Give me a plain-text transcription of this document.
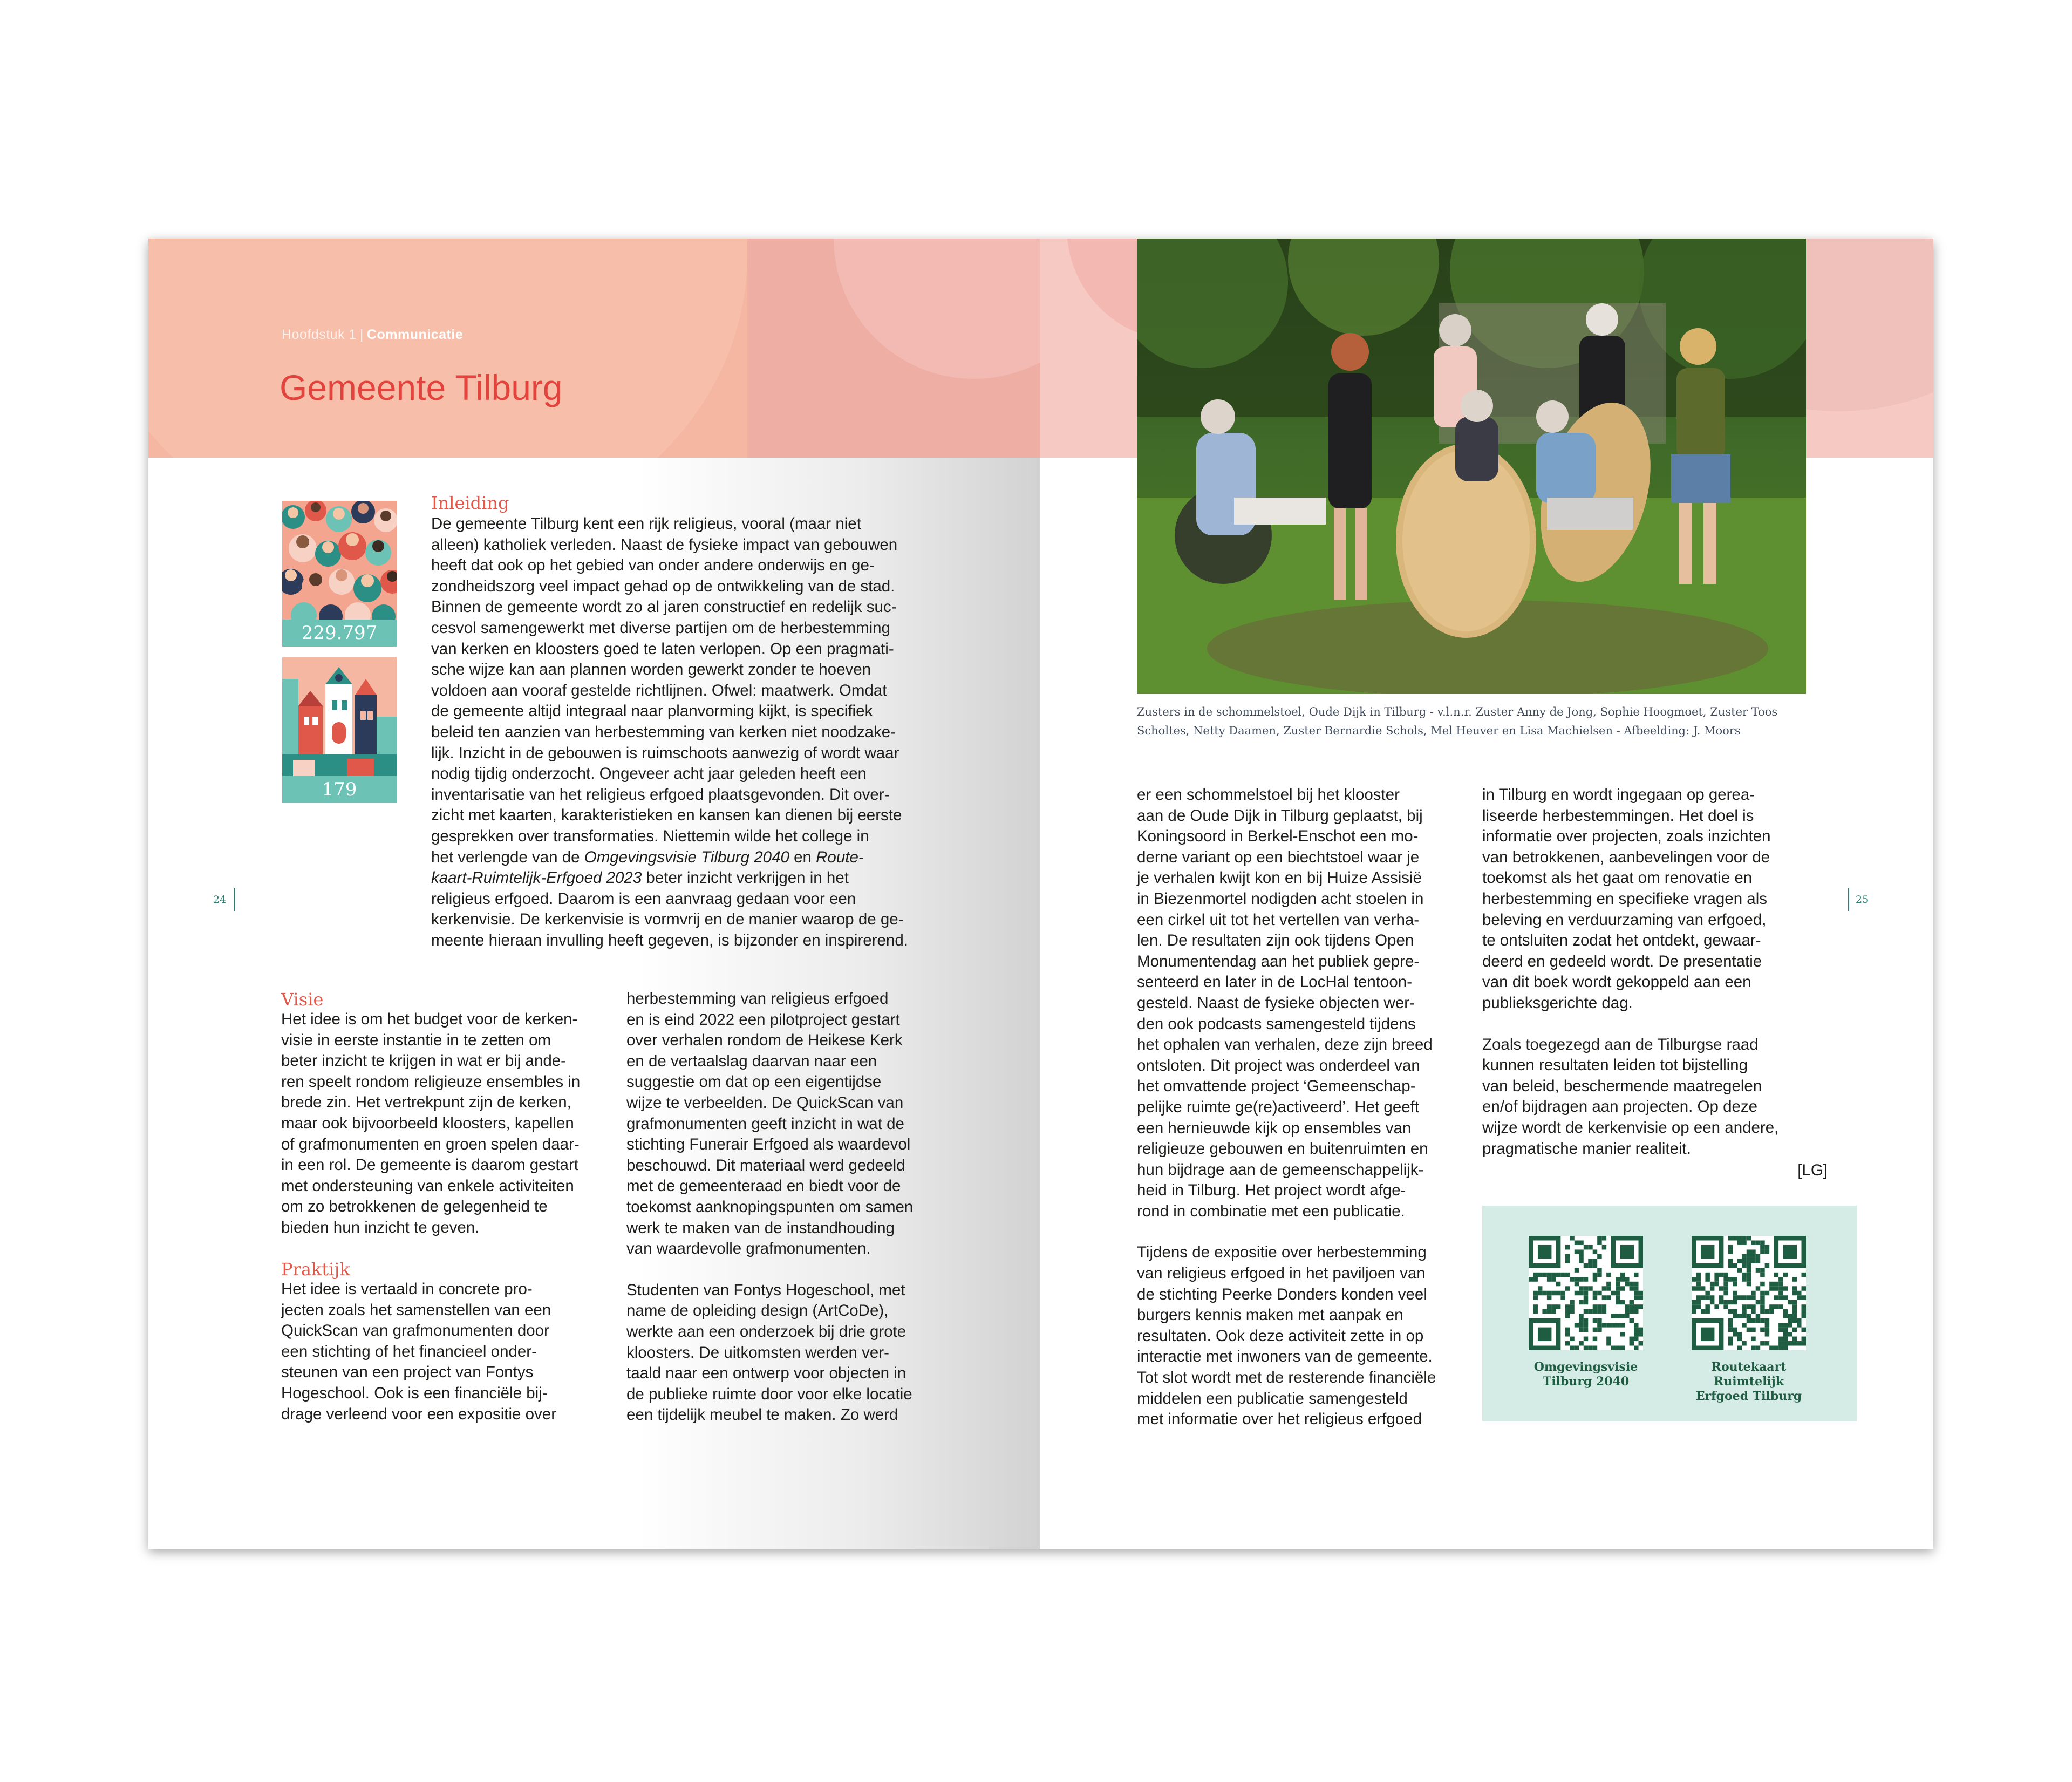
Hoofdstuk 1 | Communicatie
Gemeente Tilburg
229.797
179
Inleiding
De gemeente Tilburg kent een rijk religieus, vooral (maar niet
alleen) katholiek verleden. Naast de fysieke impact van gebouwen
heeft dat ook op het gebied van onder andere onderwijs en ge-
zondheidszorg veel impact gehad op de ontwikkeling van de stad.
Binnen de gemeente wordt zo al jaren constructief en redelijk suc-
cesvol samengewerkt met diverse partijen om de herbestemming
van kerken en kloosters goed te laten verlopen. Op een pragmati-
sche wijze kan aan plannen worden gewerkt zonder te hoeven
voldoen aan vooraf gestelde richtlijnen. Ofwel: maatwerk. Omdat
de gemeente altijd integraal naar planvorming kijkt, is specifiek
beleid ten aanzien van herbestemming van kerken niet noodzake-
lijk. Inzicht in de gebouwen is ruimschoots aanwezig of wordt waar
nodig tijdig onderzocht. Ongeveer acht jaar geleden heeft een
inventarisatie van het religieus erfgoed plaatsgevonden. Dit over-
zicht met kaarten, karakteristieken en kansen kan dienen bij eerste
gesprekken over transformaties. Niettemin wilde het college in
het verlengde van de Omgevingsvisie Tilburg 2040 en Route-
kaart-Ruimtelijk-Erfgoed 2023 beter inzicht verkrijgen in het
religieus erfgoed. Daarom is een aanvraag gedaan voor een
kerkenvisie. De kerkenvisie is vormvrij en de manier waarop de ge-
meente hieraan invulling heeft gegeven, is bijzonder en inspirerend.
24
Visie
Het idee is om het budget voor de kerken-
visie in eerste instantie in te zetten om
beter inzicht te krijgen in wat er bij ande-
ren speelt rondom religieuze ensembles in
brede zin. Het vertrekpunt zijn de kerken,
maar ook bijvoorbeeld kloosters, kapellen
of grafmonumenten en groen spelen daar-
in een rol. De gemeente is daarom gestart
met ondersteuning van enkele activiteiten
om zo betrokkenen de gelegenheid te
bieden hun inzicht te geven.
Praktijk
Het idee is vertaald in concrete pro-
jecten zoals het samenstellen van een
QuickScan van grafmonumenten door
een stichting of het financieel onder-
steunen van een project van Fontys
Hogeschool. Ook is een financiële bij-
drage verleend voor een expositie over
herbestemming van religieus erfgoed
en is eind 2022 een pilotproject gestart
over verhalen rondom de Heikese Kerk
en de vertaalslag daarvan naar een
suggestie om dat op een eigentijdse
wijze te verbeelden. De QuickScan van
grafmonumenten geeft inzicht in wat de
stichting Funerair Erfgoed als waardevol
beschouwd. Dit materiaal werd gedeeld
met de gemeenteraad en biedt voor de
toekomst aanknopingspunten om samen
werk te maken van de instandhouding
van waardevolle grafmonumenten.
Studenten van Fontys Hogeschool, met
name de opleiding design (ArtCoDe),
werkte aan een onderzoek bij drie grote
kloosters. De uitkomsten werden ver-
taald naar een ontwerp voor objecten in
de publieke ruimte door voor elke locatie
een tijdelijk meubel te maken. Zo werd
25
Zusters in de schommelstoel, Oude Dijk in Tilburg - v.l.n.r. Zuster Anny de Jong, Sophie Hoogmoet, Zuster Toos
Scholtes, Netty Daamen, Zuster Bernardie Schols, Mel Heuver en Lisa Machielsen - Afbeelding: J. Moors
er een schommelstoel bij het klooster
aan de Oude Dijk in Tilburg geplaatst, bij
Koningsoord in Berkel-Enschot een mo-
derne variant op een biechtstoel waar je
je verhalen kwijt kon en bij Huize Assisië
in Biezenmortel nodigden acht stoelen in
een cirkel uit tot het vertellen van verha-
len. De resultaten zijn ook tijdens Open
Monumentendag aan het publiek gepre-
senteerd en later in de LocHal tentoon-
gesteld. Naast de fysieke objecten wer-
den ook podcasts samengesteld tijdens
het ophalen van verhalen, deze zijn breed
ontsloten. Dit project was onderdeel van
het omvattende project ‘Gemeenschap-
pelijke ruimte ge(re)activeerd’. Het geeft
een hernieuwde kijk op ensembles van
religieuze gebouwen en buitenruimten en
hun bijdrage aan de gemeenschappelijk-
heid in Tilburg. Het project wordt afge-
rond in combinatie met een publicatie.
Tijdens de expositie over herbestemming
van religieus erfgoed in het paviljoen van
de stichting Peerke Donders konden veel
burgers kennis maken met aanpak en
resultaten. Ook deze activiteit zette in op
interactie met inwoners van de gemeente.
Tot slot wordt met de resterende financiële
middelen een publicatie samengesteld
met informatie over het religieus erfgoed
in Tilburg en wordt ingegaan op gerea-
liseerde herbestemmingen. Het doel is
informatie over projecten, zoals inzichten
van betrokkenen, aanbevelingen voor de
toekomst als het gaat om renovatie en
herbestemming en specifieke vragen als
beleving en verduurzaming van erfgoed,
te ontsluiten zodat het ontdekt, gewaar-
deerd en gedeeld wordt. De presentatie
van dit boek wordt gekoppeld aan een
publieksgerichte dag.
Zoals toegezegd aan de Tilburgse raad
kunnen resultaten leiden tot bijstelling
van beleid, beschermende maatregelen
en/of bijdragen aan projecten. Op deze
wijze wordt de kerkenvisie op een andere,
pragmatische manier realiteit.
[LG]
Omgevingsvisie
Tilburg 2040
Routekaart Ruimtelijk
Erfgoed Tilburg
